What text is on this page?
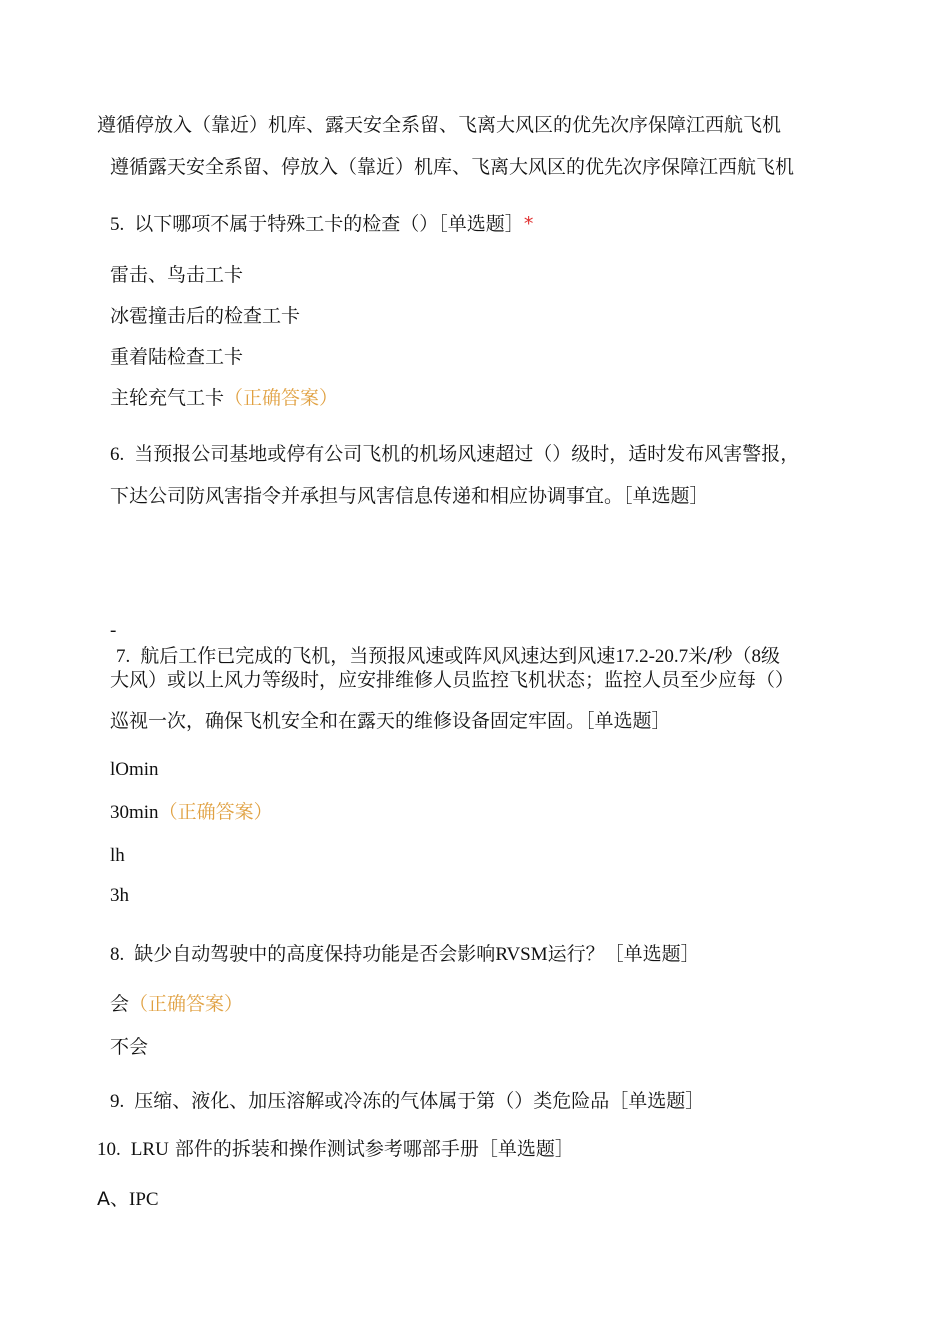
遵循停放入（靠近）机库、露天安全系留、飞离大风区的优先次序保障江西航飞机
遵循露天安全系留、停放入（靠近）机库、飞离大风区的优先次序保障江西航飞机
5. 以下哪项不属于特殊工卡的检查（）［单选题］*
雷击、鸟击工卡
冰雹撞击后的检查工卡
重着陆检查工卡
主轮充气工卡（正确答案）
6. 当预报公司基地或停有公司飞机的机场风速超过（）级时，适时发布风害警报，
下达公司防风害指令并承担与风害信息传递和相应协调事宜。［单选题］
-
7. 航后工作已完成的飞机，当预报风速或阵风风速达到风速17.2-20.7米/秒（8级
大风）或以上风力等级时，应安排维修人员监控飞机状态；监控人员至少应每（）
巡视一次，确保飞机安全和在露天的维修设备固定牢固。［单选题］
lOmin
30min（正确答案）
lh
3h
8. 缺少自动驾驶中的高度保持功能是否会影响RVSM运行？［单选题］
会（正确答案）
不会
9. 压缩、液化、加压溶解或冷冻的气体属于第（）类危险品［单选题］
10. LRU 部件的拆装和操作测试参考哪部手册［单选题］
A、IPC
